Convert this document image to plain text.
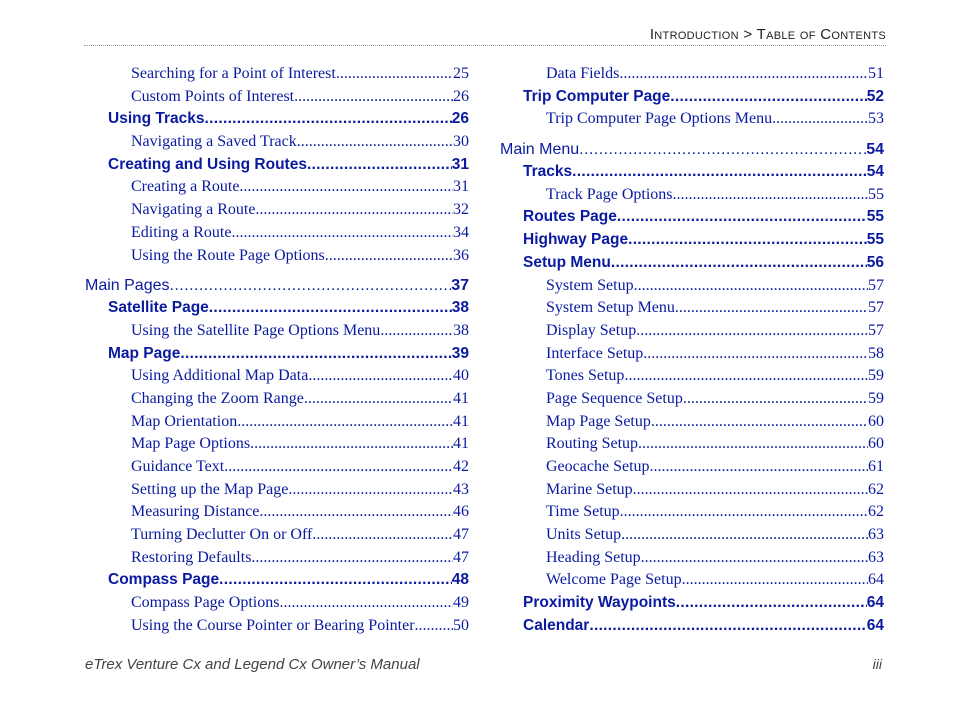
Introduction > Table of Contents
Searching for a Point of Interest . . .	25
Custom Points of Interest . . .	26
Using Tracks . . .	26
Navigating a Saved Track . . .	30
Creating and Using Routes . . .	31
Creating a Route . . .	31
Navigating a Route . . .	32
Editing a Route . . .	34
Using the Route Page Options . . .	36
Main Pages . . .	37
Satellite Page . . .	38
Using the Satellite Page Options Menu . . .	38
Map Page . . .	39
Using Additional Map Data . . .	40
Changing the Zoom Range . . .	41
Map Orientation . . .	41
Map Page Options . . .	41
Guidance Text . . .	42
Setting up the Map Page . . .	43
Measuring Distance . . .	46
Turning Declutter On or Off . . .	47
Restoring Defaults . . .	47
Compass Page . . .	48
Compass Page Options . . .	49
Using the Course Pointer or Bearing Pointer . . . 50
Data Fields . . .	51
Trip Computer Page . . .	52
Trip Computer Page Options Menu . . .	53
Main Menu . . .	54
Tracks . . .	54
Track Page Options . . .	55
Routes Page . . .	55
Highway Page . . .	55
Setup Menu . . .	56
System Setup . . .	57
System Setup Menu . . .	57
Display Setup . . .	57
Interface Setup . . .	58
Tones Setup . . .	59
Page Sequence Setup . . .	59
Map Page Setup . . .	60
Routing Setup . . .	60
Geocache Setup . . .	61
Marine Setup . . .	62
Time Setup . . .	62
Units Setup . . .	63
Heading Setup . . .	63
Welcome Page Setup . . .	64
Proximity Waypoints . . .	64
Calendar . . .	64
eTrex Venture Cx and Legend Cx Owner’s Manual	iii
